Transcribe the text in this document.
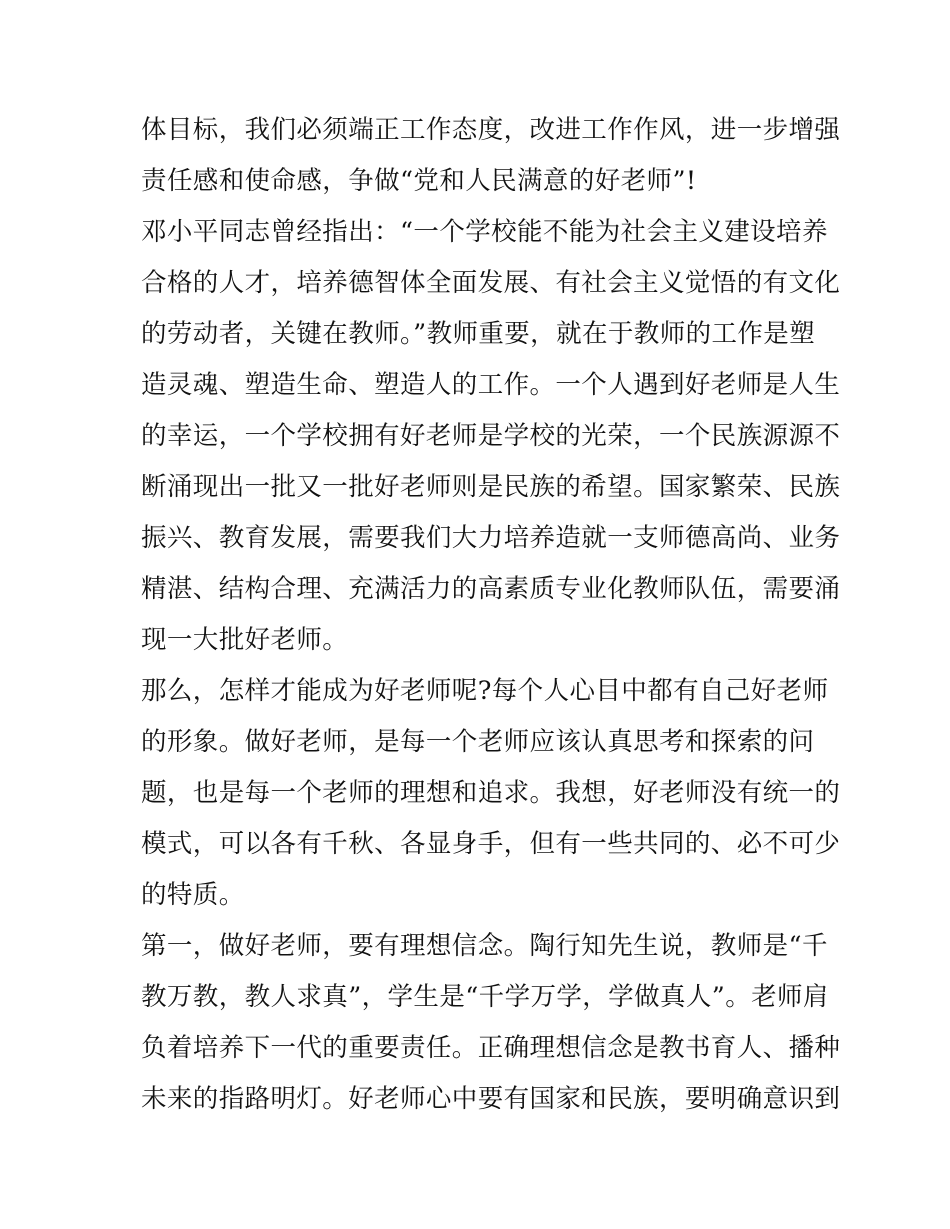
体目标，我们必须端正工作态度，改进工作作风，进一步增强
责任感和使命感，争做“党和人民满意的好老师”!
邓小平同志曾经指出：“一个学校能不能为社会主义建设培养
合格的人才，培养德智体全面发展、有社会主义觉悟的有文化
的劳动者，关键在教师。”教师重要，就在于教师的工作是塑
造灵魂、塑造生命、塑造人的工作。一个人遇到好老师是人生
的幸运，一个学校拥有好老师是学校的光荣，一个民族源源不
断涌现出一批又一批好老师则是民族的希望。国家繁荣、民族
振兴、教育发展，需要我们大力培养造就一支师德高尚、业务
精湛、结构合理、充满活力的高素质专业化教师队伍，需要涌
现一大批好老师。
那么，怎样才能成为好老师呢?每个人心目中都有自己好老师
的形象。做好老师，是每一个老师应该认真思考和探索的问
题，也是每一个老师的理想和追求。我想，好老师没有统一的
模式，可以各有千秋、各显身手，但有一些共同的、必不可少
的特质。
第一，做好老师，要有理想信念。陶行知先生说，教师是“千
教万教，教人求真”，学生是“千学万学，学做真人”。老师肩
负着培养下一代的重要责任。正确理想信念是教书育人、播种
未来的指路明灯。好老师心中要有国家和民族，要明确意识到
